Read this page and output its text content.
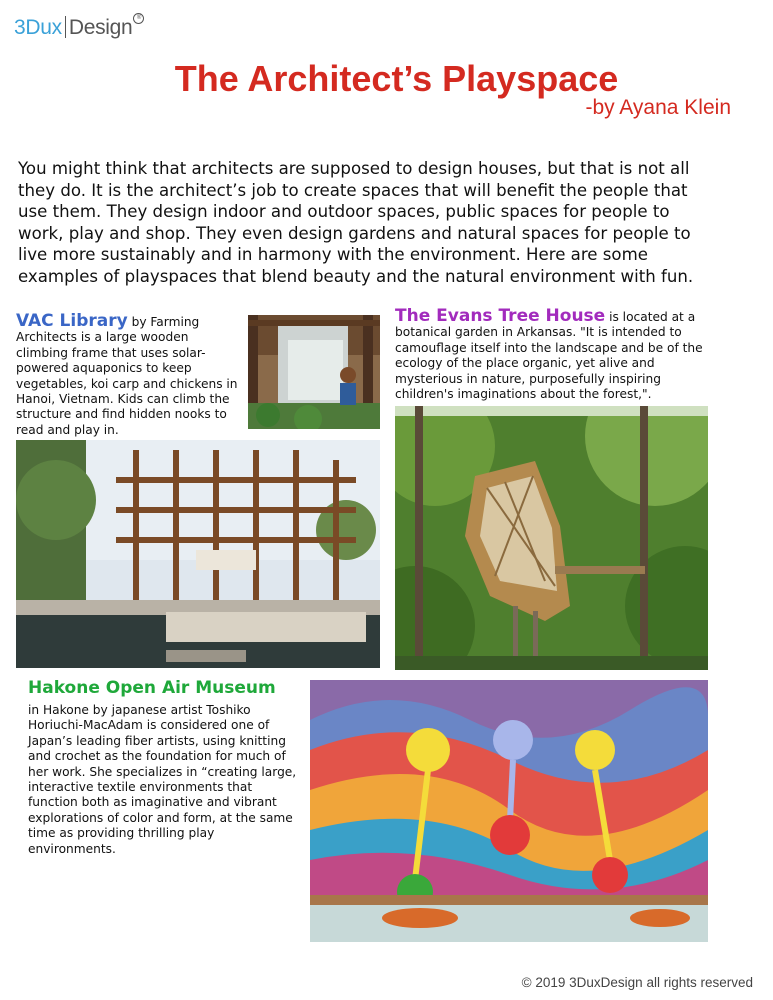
3Dux Design ®
The Architect’s Playspace
-by Ayana Klein
You might think that architects are supposed to design houses, but that is not all they do. It is the architect’s job to create spaces that will benefit the people that use them. They design indoor and outdoor spaces, public spaces for people to work, play and shop. They even design gardens and natural spaces for people to live more sustainably and in harmony with the environment. Here are some examples of playspaces that blend beauty and the natural environment with fun.
VAC Library by Farming Architects is a large wooden climbing frame that uses solar-powered aquaponics to keep vegetables, koi carp and chickens in Hanoi, Vietnam. Kids can climb the structure and find hidden nooks to read and play in.
The Evans Tree House is located at a botanical garden in Arkansas. "It is intended to camouflage itself into the landscape and be of the ecology of the place organic, yet alive and mysterious in nature, purposefully inspiring children's imaginations about the forest,".
Hakone Open Air Museum
in Hakone by japanese artist Toshiko Horiuchi-MacAdam is considered one of Japan’s leading fiber artists, using knitting and crochet as the foundation for much of her work. She specializes in “creating large, interactive textile environments that function both as imaginative and vibrant explorations of color and form, at the same time as providing thrilling play environments.
© 2019 3DuxDesign all rights reserved
